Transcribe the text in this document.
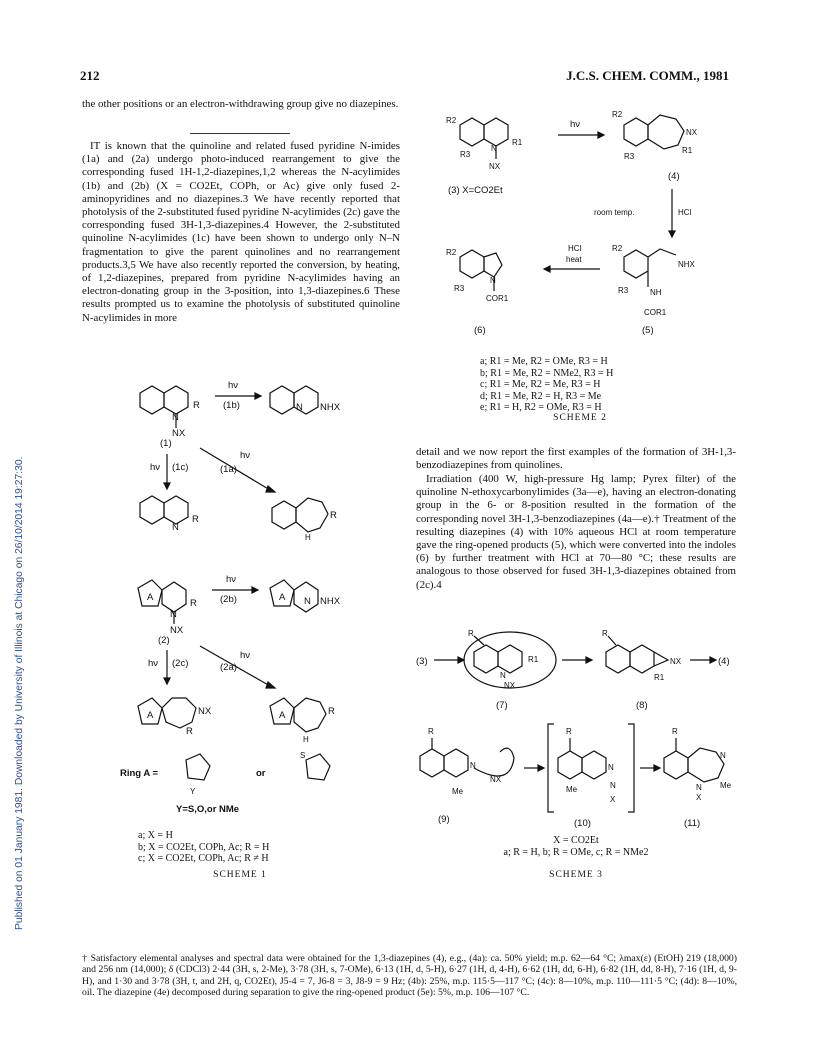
Published on 01 January 1981. Downloaded by University of Illinois at Chicago on 26/10/2014 19:27:30.
212	J.C.S. CHEM. COMM., 1981
the other positions or an electron-withdrawing group give no diazepines.

IT is known that the quinoline and related fused pyridine N-imides (1a) and (2a) undergo photo-induced rearrangement to give the corresponding fused 1H-1,2-diazepines,1,2 whereas the N-acylimides (1b) and (2b) (X = CO2Et, COPh, or Ac) give only fused 2-aminopyridines and no diazepines.3 We have recently reported that photolysis of the 2-substituted fused pyridine N-acylimides (2c) gave the corresponding fused 3H-1,3-diazepines.4 However, the 2-substituted quinoline N-acylimides (1c) have been shown to undergo only N–N fragmentation to give the parent quinolines and no rearrangement products.3,5 We have also recently reported the conversion, by heating, of 1,2-diazepines, prepared from pyridine N-acylimides having an electron-donating group in the 3-position, into 1,3-diazepines.6 These results prompted us to examine the photolysis of substituted quinoline N-acylimides in more

N
R
NX
(1)
hν
(1b)	N NHX
hν
(1a)
hν (1c)
N
R	R
H
A
N
R
NX
(2)
hν
(2b)	A N NHX
hν
(2a)
hν (2c)
A	NX
R
A	R
H
Ring A =
Y
or
S
Y=S,O,or NMe
a; X = H
b; X = CO2Et, COPh, Ac; R = H
c; X = CO2Et, COPh, Ac; R ≠ H
SCHEME 1
R2
R3
R1
N
NX
(3) X=CO2Et
hν
R2
R3
NX
R1
(4)
room temp.	HCl
R2
R3
NHX
NH
COR1
(5)
HCl
heat
R2
R3
N
COR1
(6)
a; R1 = Me, R2 = OMe, R3 = H
b; R1 = Me, R2 = NMe2, R3 = H
c; R1 = Me, R2 = Me, R3 = H
d; R1 = Me, R2 = H, R3 = Me
e; R1 = H, R2 = OMe, R3 = H
SCHEME 2
detail and we now report the first examples of the formation of 3H-1,3-benzodiazepines from quinolines.
Irradiation (400 W, high-pressure Hg lamp; Pyrex filter) of the quinoline N-ethoxycarbonylimides (3a—e), having an electron-donating group in the 6- or 8-position resulted in the formation of the corresponding novel 3H-1,3-benzodiazepines (4a—e).† Treatment of the resulting diazepines (4) with 10% aqueous HCl at room temperature gave the ring-opened products (5), which were converted into the indoles (6) by further treatment with HCl at 70—80 °C; these results are analogous to those observed for fused 3H-1,3-diazepines obtained from (2c).4
(3)
R
R1
N
NX
(7)
R
NX
R1
(8)
(4)
R
N
NX
Me
(9)
R
N
N
X
Me
(10)
R
N
N
X
Me
(11)
X = CO2Et
a; R = H, b; R = OMe, c; R = NMe2
SCHEME 3
† Satisfactory elemental analyses and spectral data were obtained for the 1,3-diazepines (4), e.g., (4a): ca. 50% yield; m.p. 62—64 °C; λmax(ε) (EtOH) 219 (18,000) and 256 nm (14,000); δ (CDCl3) 2·44 (3H, s, 2-Me), 3·78 (3H, s, 7-OMe), 6·13 (1H, d, 5-H), 6·27 (1H, d, 4-H), 6·62 (1H, dd, 6-H), 6·82 (1H, dd, 8-H), 7·16 (1H, d, 9-H), and 1·30 and 3·78 (3H, t, and 2H, q, CO2Et), J5-4 = 7, J6-8 = 3, J8-9 = 9 Hz; (4b): 25%, m.p. 115·5—117 °C; (4c): 8—10%, m.p. 110—111·5 °C; (4d): 8—10%, oil. The diazepine (4e) decomposed during separation to give the ring-opened product (5e): 5%, m.p. 106—107 °C.
